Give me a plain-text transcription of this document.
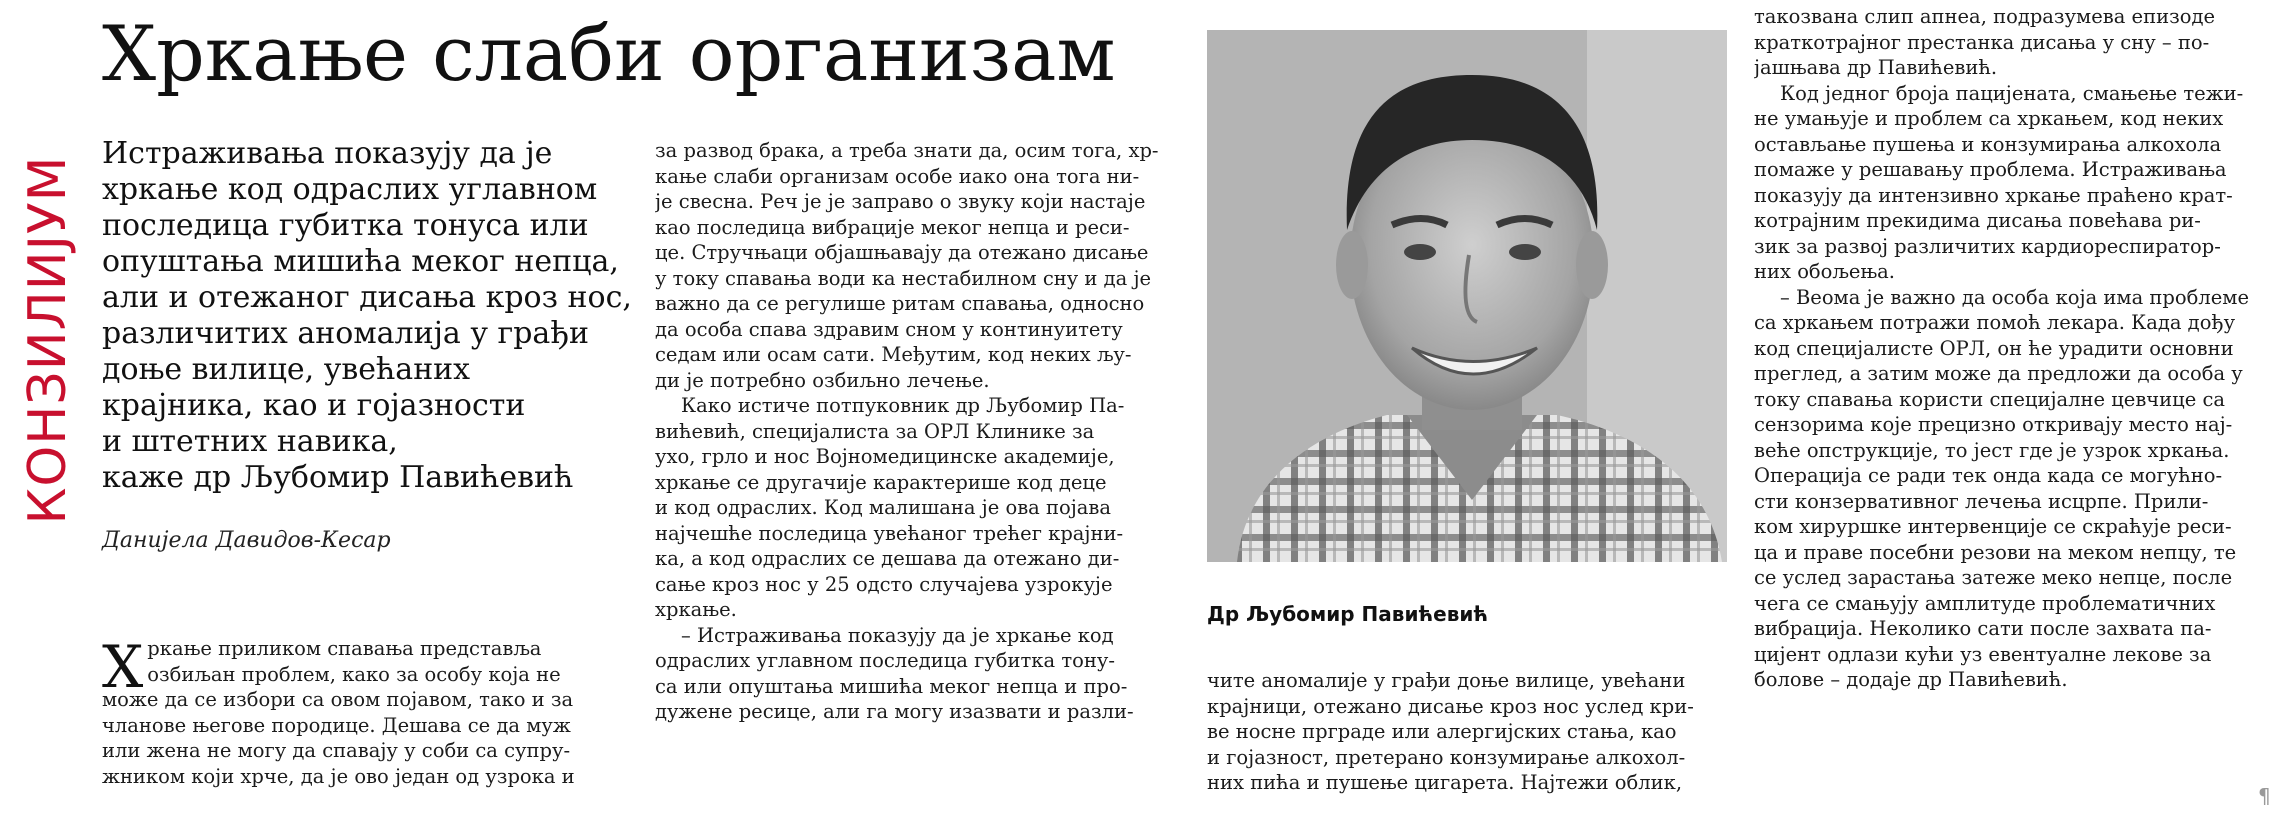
КОНЗИЛИЈУМ
Хркање слаби организам
Истраживања показују да је
хркање код одраслих углавном
последица губитка тонуса или
опуштања мишића меког непца,
али и отежаног дисања кроз нос,
различитих аномалија у грађи
доње вилице, увећаних
крајника, као и гојазности
и штетних навика,
каже др Љубомир Павићевић
Данијела Давидов-Кесар
Х ркање приликом спавања представља
озбиљан проблем, како за особу која не
може да се избори са овом појавом, тако и за
чланове његове породице. Дешава се да муж
или жена не могу да спавају у соби са супру-
жником који хрче, да је ово један од узрока и
за развод брака, а треба знати да, осим тога, хр-
кање слаби организам особе иако она тога ни-
је свесна. Реч је је заправо о звуку који настаје
као последица вибрације меког непца и реси-
це. Стручњаци објашњавају да отежано дисање
у току спавања води ка нестабилном сну и да је
важно да се регулише ритам спавања, односно
да особа спава здравим сном у континуитету
седам или осам сати. Међутим, код неких љу-
ди је потребно озбиљно лечење.
Како истиче потпуковник др Љубомир Па-
вићевић, специјалиста за ОРЛ Клинике за
ухо, грло и нос Војномедицинске академије,
хркање се другачије карактерише код деце
и код одраслих. Код малишана је ова појава
најчешће последица увећаног трећег крајни-
ка, а код одраслих се дешава да отежано ди-
сање кроз нос у 25 одсто случајева узрокује
хркање.
– Истраживања показују да је хркање код
одраслих углавном последица губитка тону-
са или опуштања мишића меког непца и про-
дужене ресице, али га могу изазвати и разли-
Др Љубомир Павићевић
чите аномалије у грађи доње вилице, увећани
крајници, отежано дисање кроз нос услед кри-
ве носне прграде или алергијских стања, као
и гојазност, претерано конзумирање алкохол-
них пића и пушење цигарета. Најтежи облик,
такозвана слип апнеа, подразумева епизоде
краткотрајног престанка дисања у сну – по-
јашњава др Павићевић.
Код једног броја пацијената, смањење тежи-
не умањује и проблем са хркањем, код неких
остављање пушења и конзумирања алкохола
помаже у решавању проблема. Истраживања
показују да интензивно хркање праћено крат-
котрајним прекидима дисања повећава ри-
зик за развој различитих кардиореспиратор-
них обољења.
– Веома је важно да особа која има проблеме
са хркањем потражи помоћ лекара. Када дођу
код специјалисте ОРЛ, он ће урадити основни
преглед, а затим може да предложи да особа у
току спавања користи специјалне цевчице са
сензорима које прецизно откривају место нај-
веће опструкције, то јест где је узрок хркања.
Операција се ради тек онда када се могућно-
сти конзервативног лечења исцрпе. Прили-
ком хируршке интервенције се скраћује реси-
ца и праве посебни резови на меком непцу, те
се услед зарастања затеже меко непце, после
чега се смањују амплитуде проблематичних
вибрација. Неколико сати после захвата па-
цијент одлази кући уз евентуалне лекове за
болове – додаје др Павићевић.
¶
